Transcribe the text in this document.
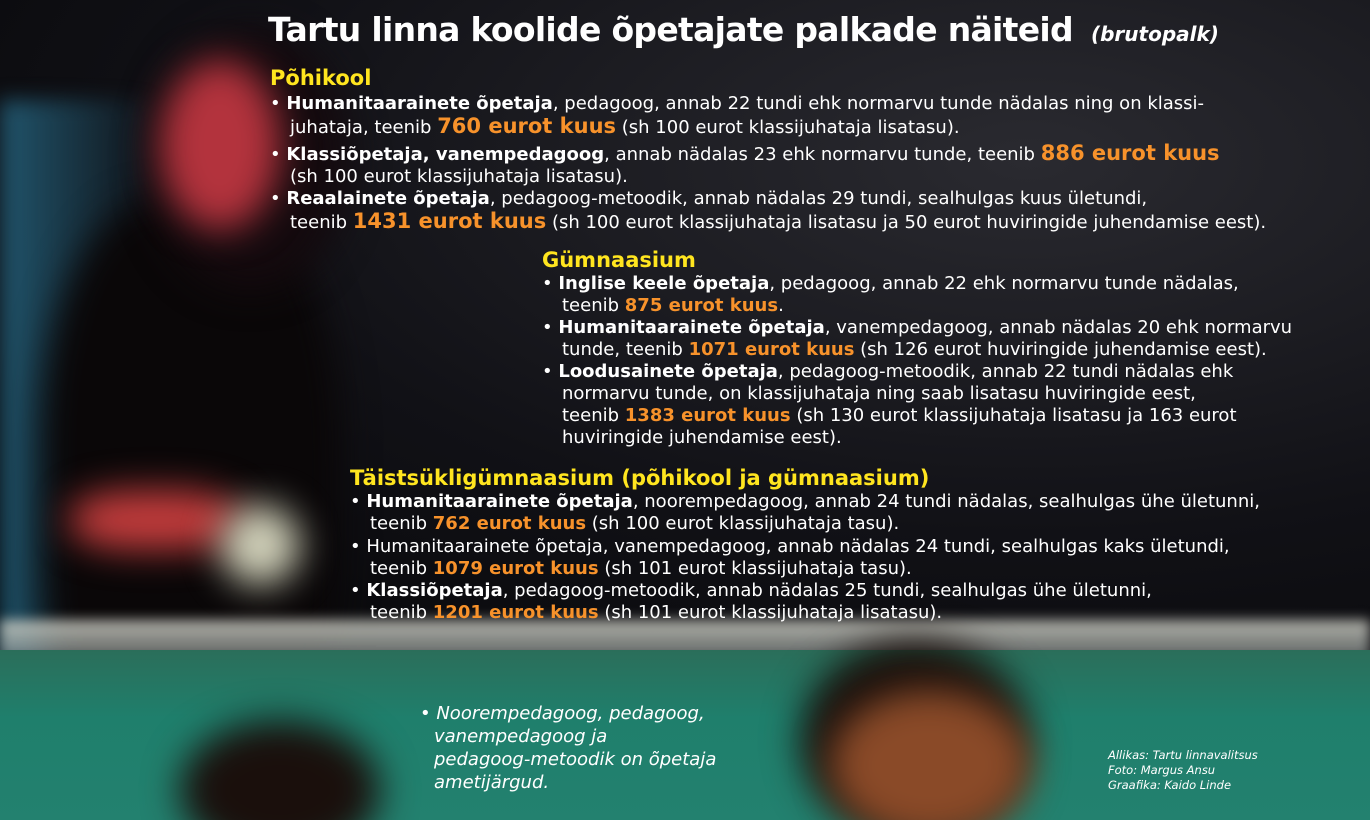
Tartu linna koolide õpetajate palkade näiteid (brutopalk)
Põhikool
• Humanitaarainete õpetaja, pedagoog, annab 22 tundi ehk normarvu tunde nädalas ning on klassi-
juhataja, teenib 760 eurot kuus (sh 100 eurot klassijuhataja lisatasu).
• Klassiõpetaja, vanempedagoog, annab nädalas 23 ehk normarvu tunde, teenib 886 eurot kuus
(sh 100 eurot klassijuhataja lisatasu).
• Reaalainete õpetaja, pedagoog-metoodik, annab nädalas 29 tundi, sealhulgas kuus ületundi,
teenib 1431 eurot kuus (sh 100 eurot klassijuhataja lisatasu ja 50 eurot huviringide juhendamise eest).
Gümnaasium
• Inglise keele õpetaja, pedagoog, annab 22 ehk normarvu tunde nädalas,
teenib 875 eurot kuus.
• Humanitaarainete õpetaja, vanempedagoog, annab nädalas 20 ehk normarvu
tunde, teenib 1071 eurot kuus (sh 126 eurot huviringide juhendamise eest).
• Loodusainete õpetaja, pedagoog-metoodik, annab 22 tundi nädalas ehk
normarvu tunde, on klassijuhataja ning saab lisatasu huviringide eest,
teenib 1383 eurot kuus (sh 130 eurot klassijuhataja lisatasu ja 163 eurot
huviringide juhendamise eest).
Täistsükligümnaasium (põhikool ja gümnaasium)
• Humanitaarainete õpetaja, noorempedagoog, annab 24 tundi nädalas, sealhulgas ühe ületunni,
teenib 762 eurot kuus (sh 100 eurot klassijuhataja tasu).
• Humanitaarainete õpetaja, vanempedagoog, annab nädalas 24 tundi, sealhulgas kaks ületundi,
teenib 1079 eurot kuus (sh 101 eurot klassijuhataja tasu).
• Klassiõpetaja, pedagoog-metoodik, annab nädalas 25 tundi, sealhulgas ühe ületunni,
teenib 1201 eurot kuus (sh 101 eurot klassijuhataja lisatasu).
• Noorempedagoog, pedagoog,
vanempedagoog ja
pedagoog-metoodik on õpetaja
ametijärgud.
Allikas: Tartu linnavalitsus
Foto: Margus Ansu
Graafika: Kaido Linde
